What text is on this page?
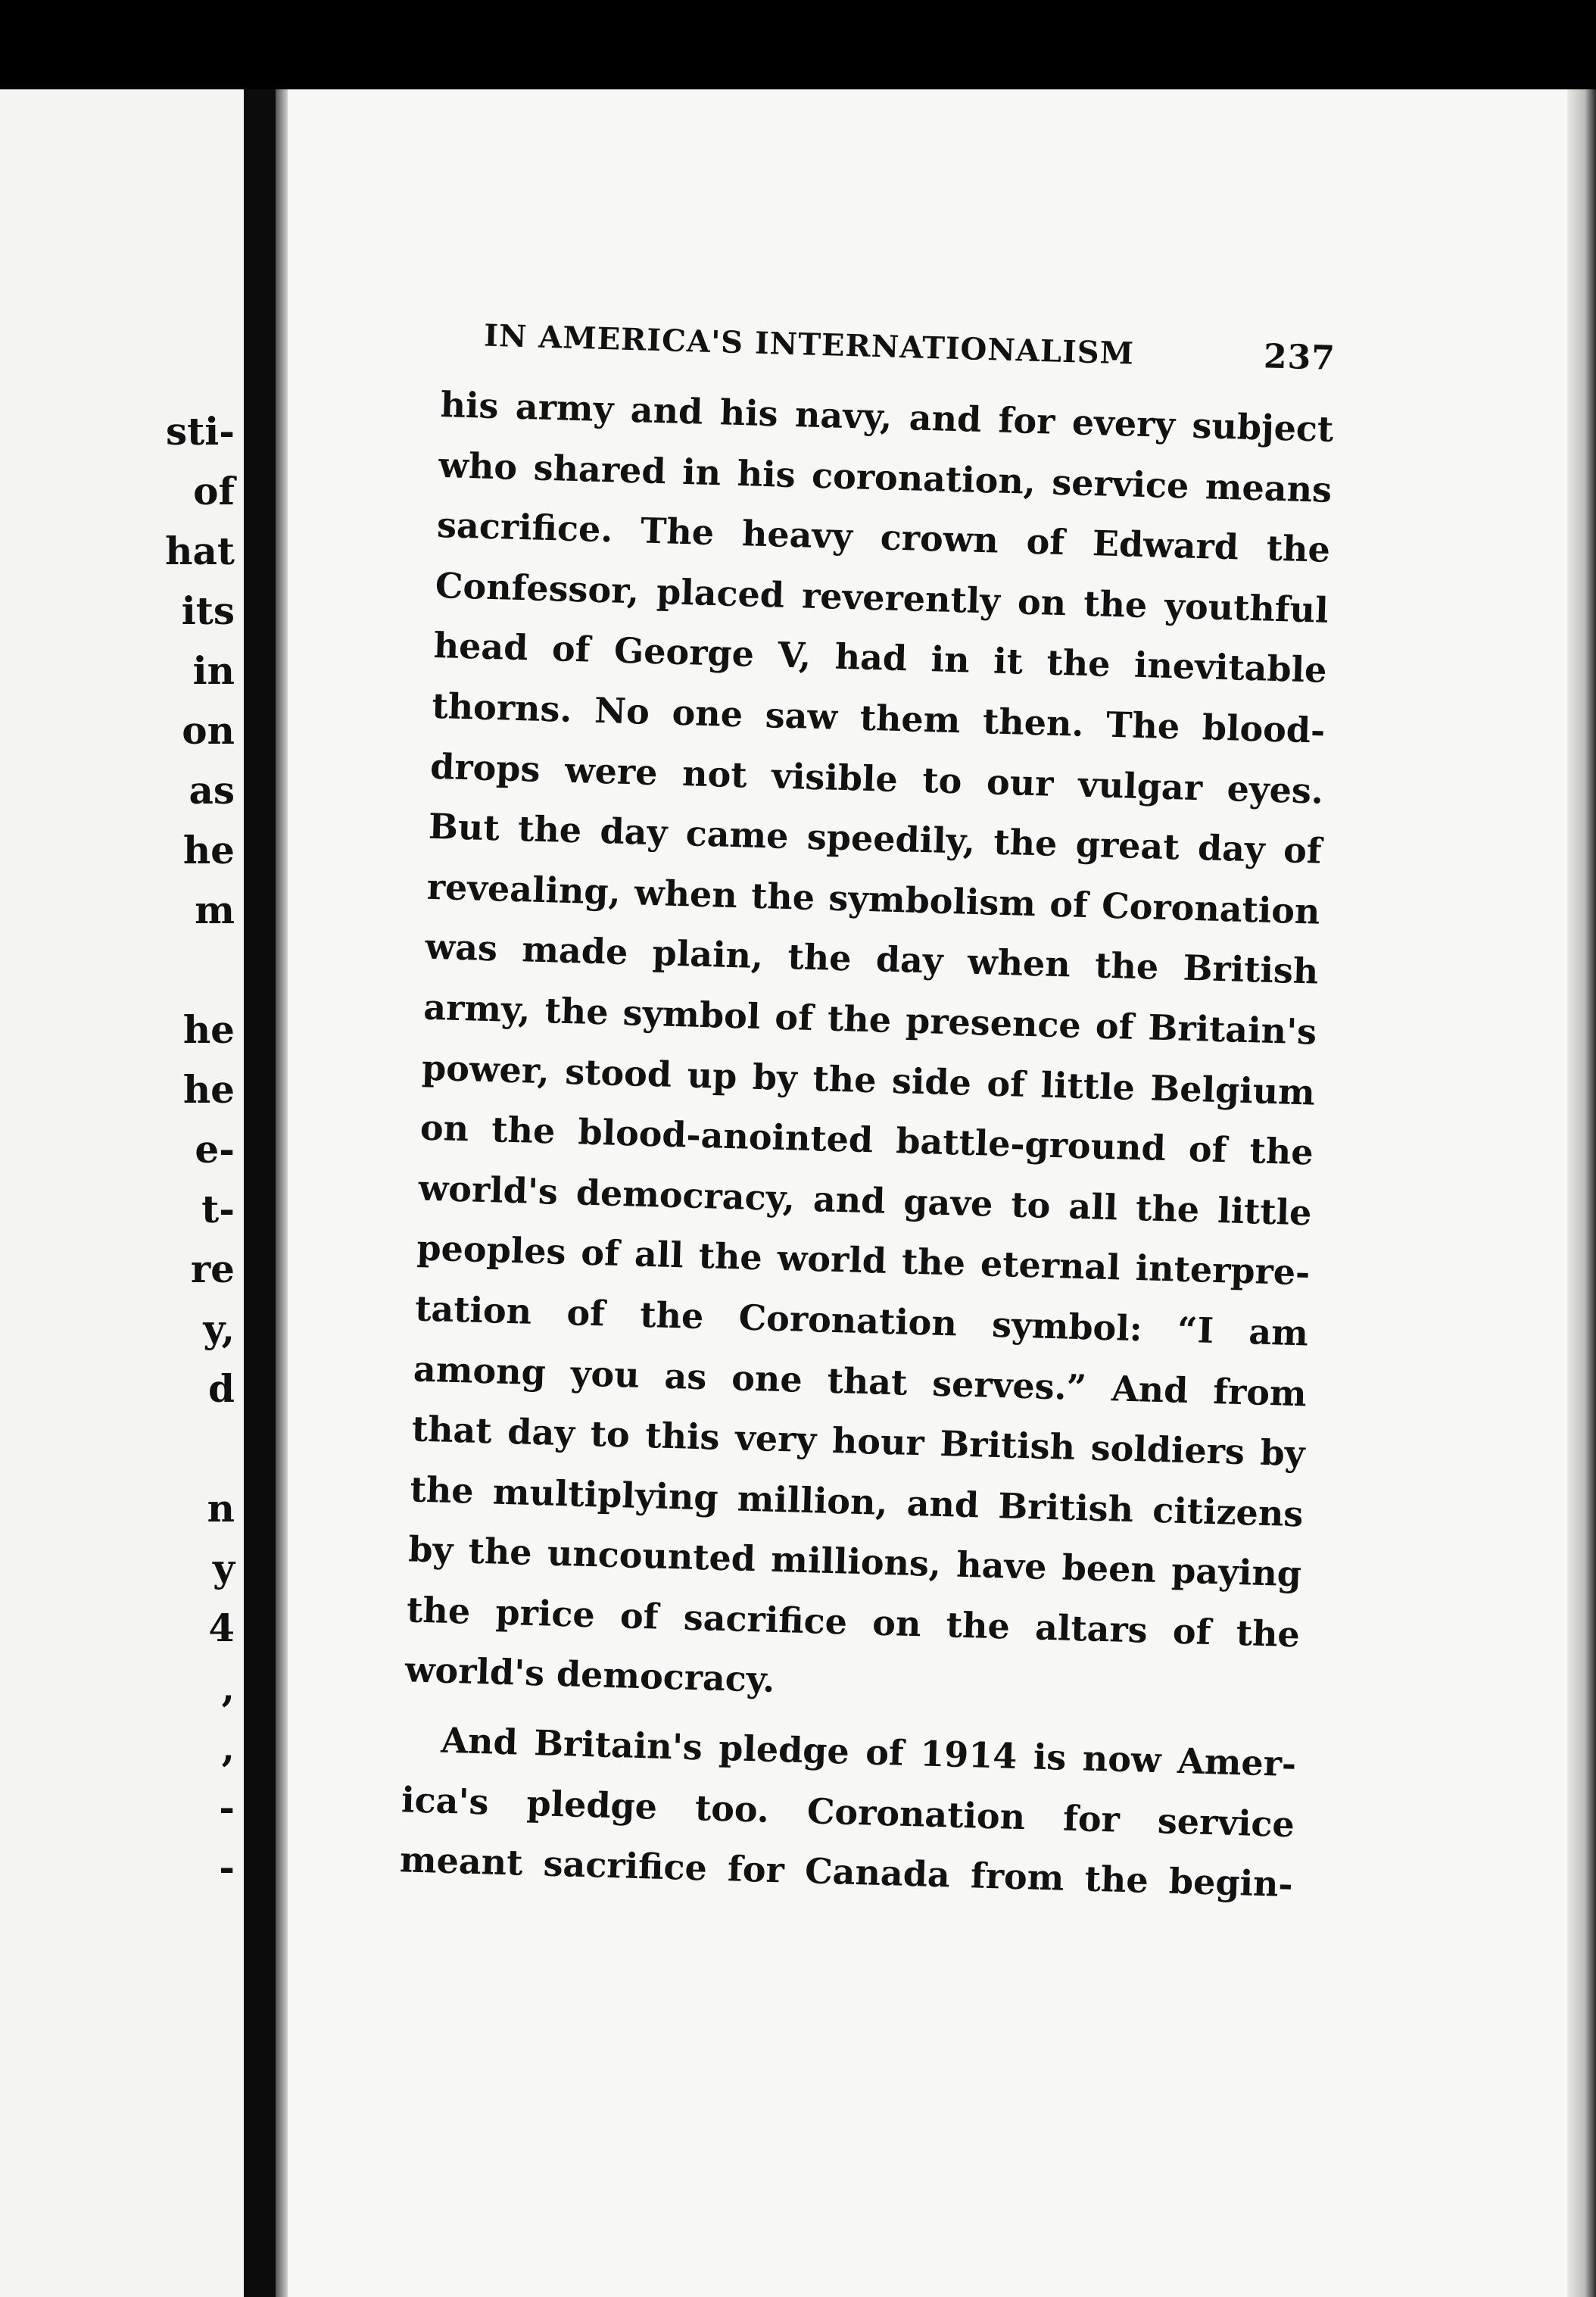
sti-
of
hat
its
in
on
as
he
m
he
he
e-
t-
re
y,
d
n
y
4
,
,
-
-
IN AMERICA'S INTERNATIONALISM	237
his army and his navy, and for every subject
who shared in his coronation, service means
sacrifice. The heavy crown of Edward the
Confessor, placed reverently on the youthful
head of George V, had in it the inevitable
thorns. No one saw them then. The blood-
drops were not visible to our vulgar eyes.
But the day came speedily, the great day of
revealing, when the symbolism of Coronation
was made plain, the day when the British
army, the symbol of the presence of Britain's
power, stood up by the side of little Belgium
on the blood-anointed battle-ground of the
world's democracy, and gave to all the little
peoples of all the world the eternal interpre-
tation of the Coronation symbol: “I am
among you as one that serves.” And from
that day to this very hour British soldiers by
the multiplying million, and British citizens
by the uncounted millions, have been paying
the price of sacrifice on the altars of the
world's democracy.
And Britain's pledge of 1914 is now Amer-
ica's pledge too. Coronation for service
meant sacrifice for Canada from the begin-
